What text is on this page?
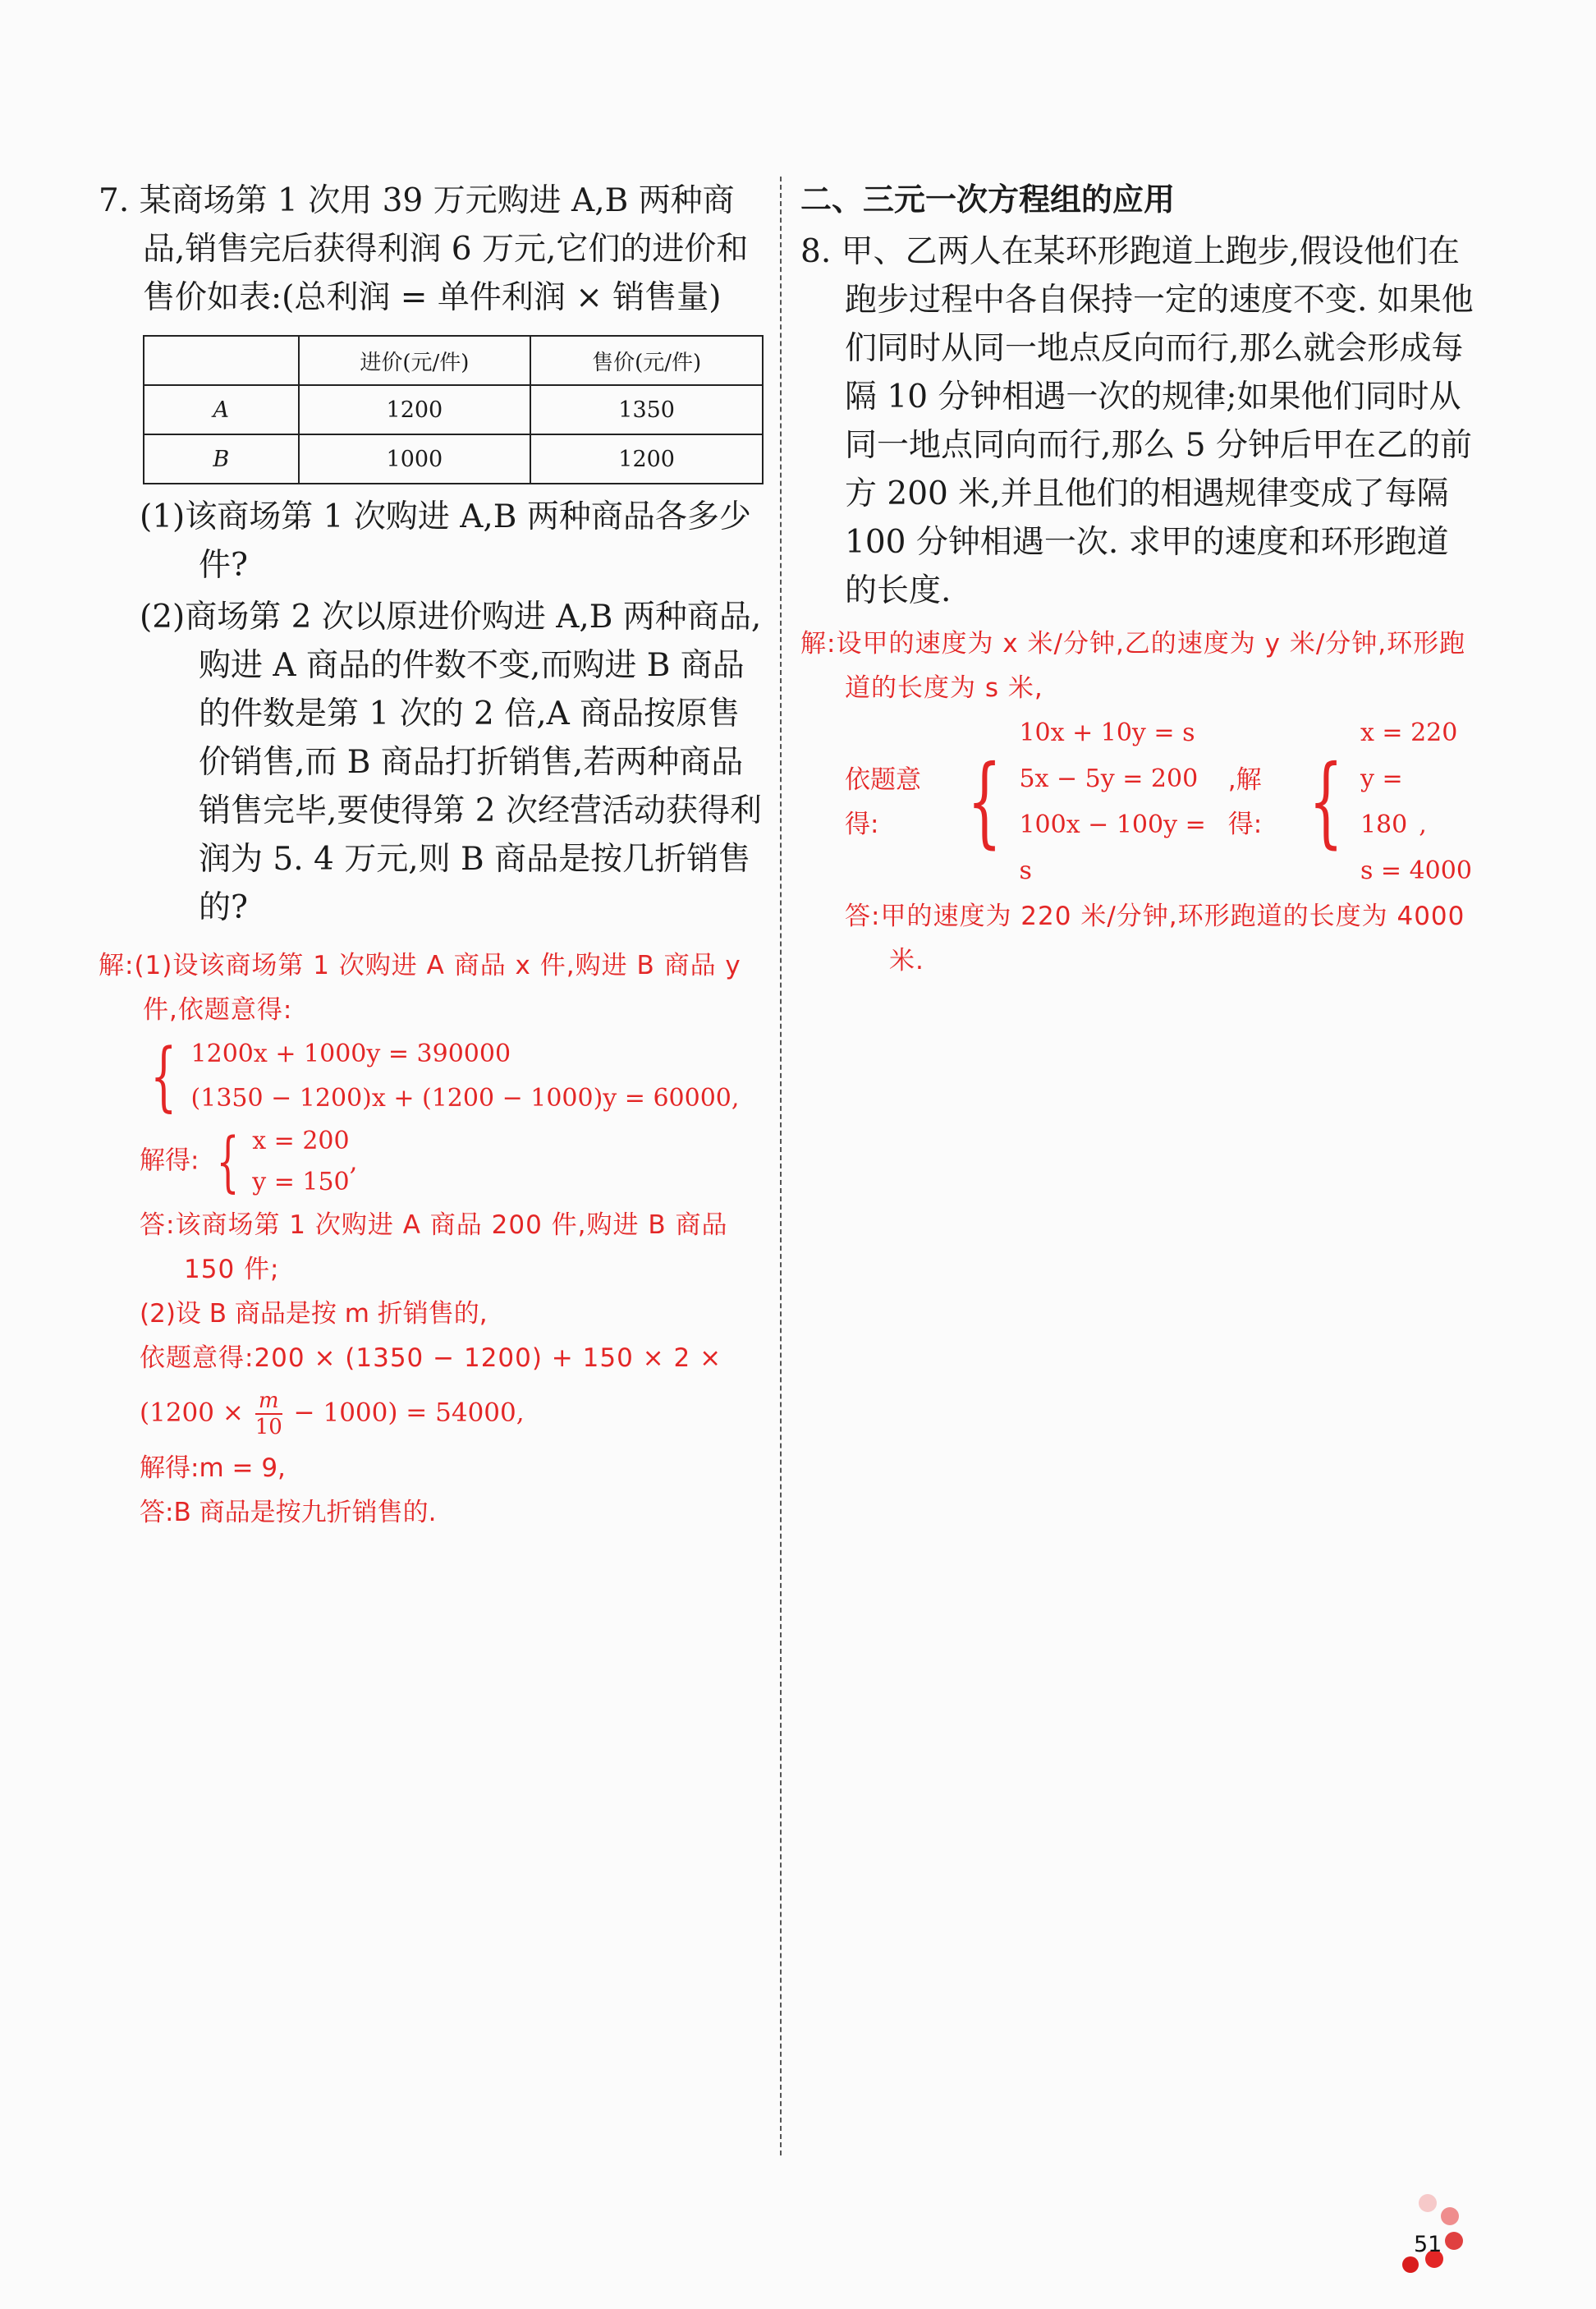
7. 某商场第 1 次用 39 万元购进 A,B 两种商品,销售完后获得利润 6 万元,它们的进价和售价如表:(总利润 = 单件利润 × 销售量)

	进价(元/件)	售价(元/件)
A	1200	1350
B	1000	1200

(1)该商场第 1 次购进 A,B 两种商品各多少件?

(2)商场第 2 次以原进价购进 A,B 两种商品,购进 A 商品的件数不变,而购进 B 商品的件数是第 1 次的 2 倍,A 商品按原售价销售,而 B 商品打折销售,若两种商品销售完毕,要使得第 2 次经营活动获得利润为 5. 4 万元,则 B 商品是按几折销售的?

解:(1)设该商场第 1 次购进 A 商品 x 件,购进 B 商品 y 件,依题意得:
{ 1200x + 1000y = 390000
(1350 − 1200)x + (1200 − 1000)y = 60000,
解得: { x = 200
y = 150
,
答:该商场第 1 次购进 A 商品 200 件,购进 B 商品 150 件;
(2)设 B 商品是按 m 折销售的,
依题意得:200 × (1350 − 1200) + 150 × 2 ×
$(1200 \times \frac{m}{10} - 1000) = 54000$,
解得:m = 9,
答:B 商品是按九折销售的.
二、三元一次方程组的应用

8. 甲、乙两人在某环形跑道上跑步,假设他们在跑步过程中各自保持一定的速度不变. 如果他们同时从同一地点反向而行,那么就会形成每隔 10 分钟相遇一次的规律;如果他们同时从同一地点同向而行,那么 5 分钟后甲在乙的前方 200 米,并且他们的相遇规律变成了每隔 100 分钟相遇一次. 求甲的速度和环形跑道的长度.

解:设甲的速度为 x 米/分钟,乙的速度为 y 米/分钟,环形跑道的长度为 s 米,
依题意得: {
10x + 10y = s
5x − 5y = 200
100x − 100y = s
,解得: {
x = 220
y = 180 ,
s = 4000
答:甲的速度为 220 米/分钟,环形跑道的长度为 4000 米.
51
